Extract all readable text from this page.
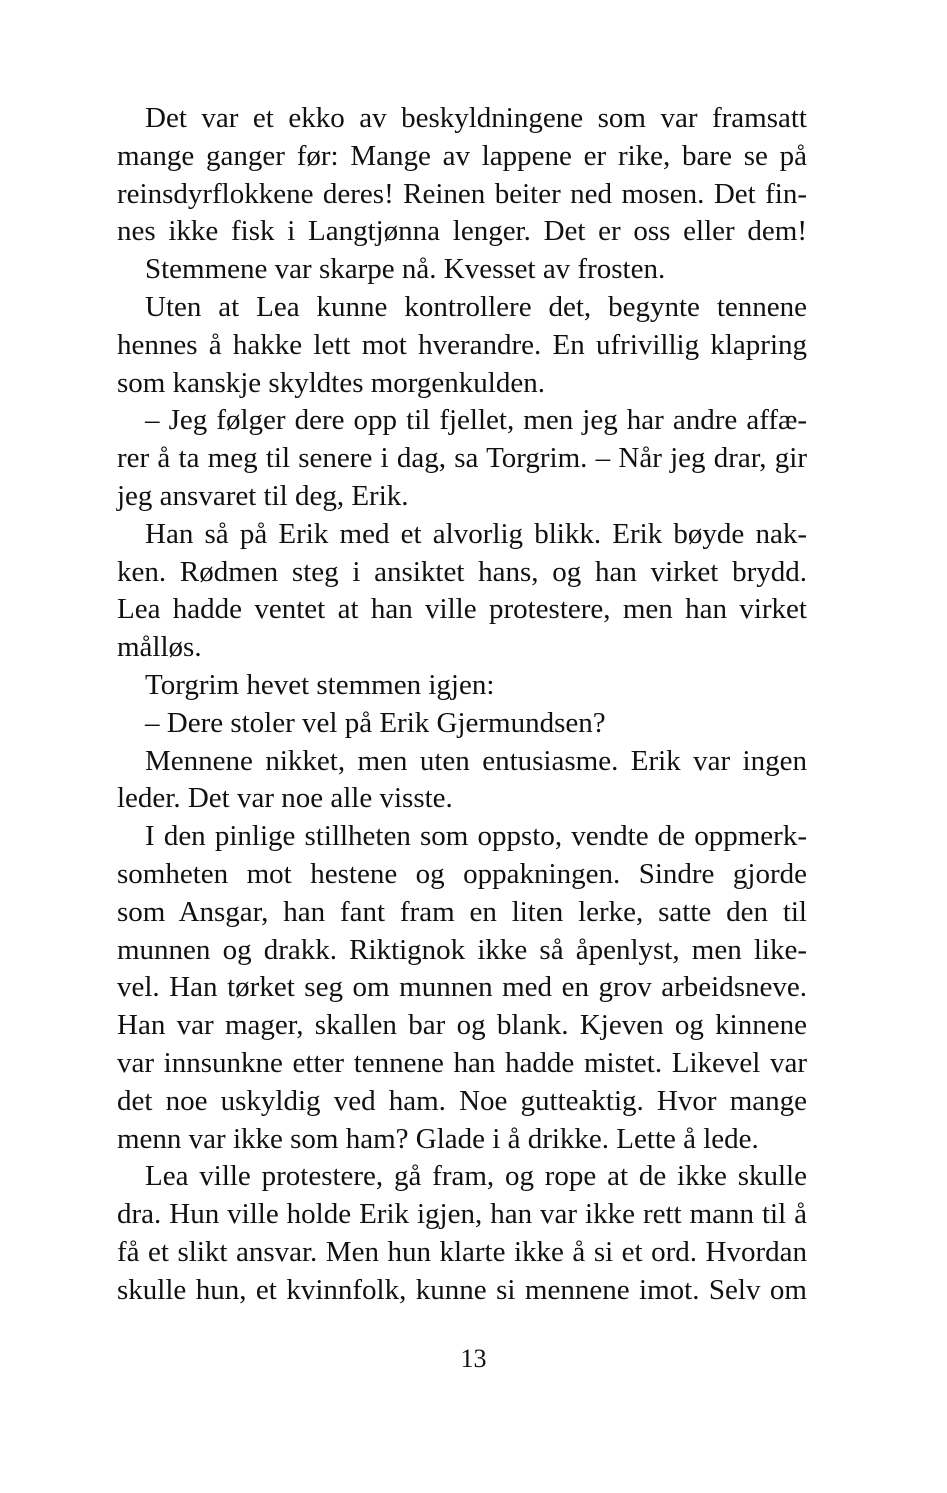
Det var et ekko av beskyldningene som var framsatt
mange ganger før: Mange av lappene er rike, bare se på
reinsdyrflokkene deres! Reinen beiter ned mosen. Det fin-
nes ikke fisk i Langtjønna lenger. Det er oss eller dem!
Stemmene var skarpe nå. Kvesset av frosten.
Uten at Lea kunne kontrollere det, begynte tennene
hennes å hakke lett mot hverandre. En ufrivillig klapring
som kanskje skyldtes morgenkulden.
– Jeg følger dere opp til fjellet, men jeg har andre affæ-
rer å ta meg til senere i dag, sa Torgrim. – Når jeg drar, gir
jeg ansvaret til deg, Erik.
Han så på Erik med et alvorlig blikk. Erik bøyde nak-
ken. Rødmen steg i ansiktet hans, og han virket brydd.
Lea hadde ventet at han ville protestere, men han virket
målløs.
Torgrim hevet stemmen igjen:
– Dere stoler vel på Erik Gjermundsen?
Mennene nikket, men uten entusiasme. Erik var ingen
leder. Det var noe alle visste.
I den pinlige stillheten som oppsto, vendte de oppmerk-
somheten mot hestene og oppakningen. Sindre gjorde
som Ansgar, han fant fram en liten lerke, satte den til
munnen og drakk. Riktignok ikke så åpenlyst, men like-
vel. Han tørket seg om munnen med en grov arbeidsneve.
Han var mager, skallen bar og blank. Kjeven og kinnene
var innsunkne etter tennene han hadde mistet. Likevel var
det noe uskyldig ved ham. Noe gutteaktig. Hvor mange
menn var ikke som ham? Glade i å drikke. Lette å lede.
Lea ville protestere, gå fram, og rope at de ikke skulle
dra. Hun ville holde Erik igjen, han var ikke rett mann til å
få et slikt ansvar. Men hun klarte ikke å si et ord. Hvordan
skulle hun, et kvinnfolk, kunne si mennene imot. Selv om
13
